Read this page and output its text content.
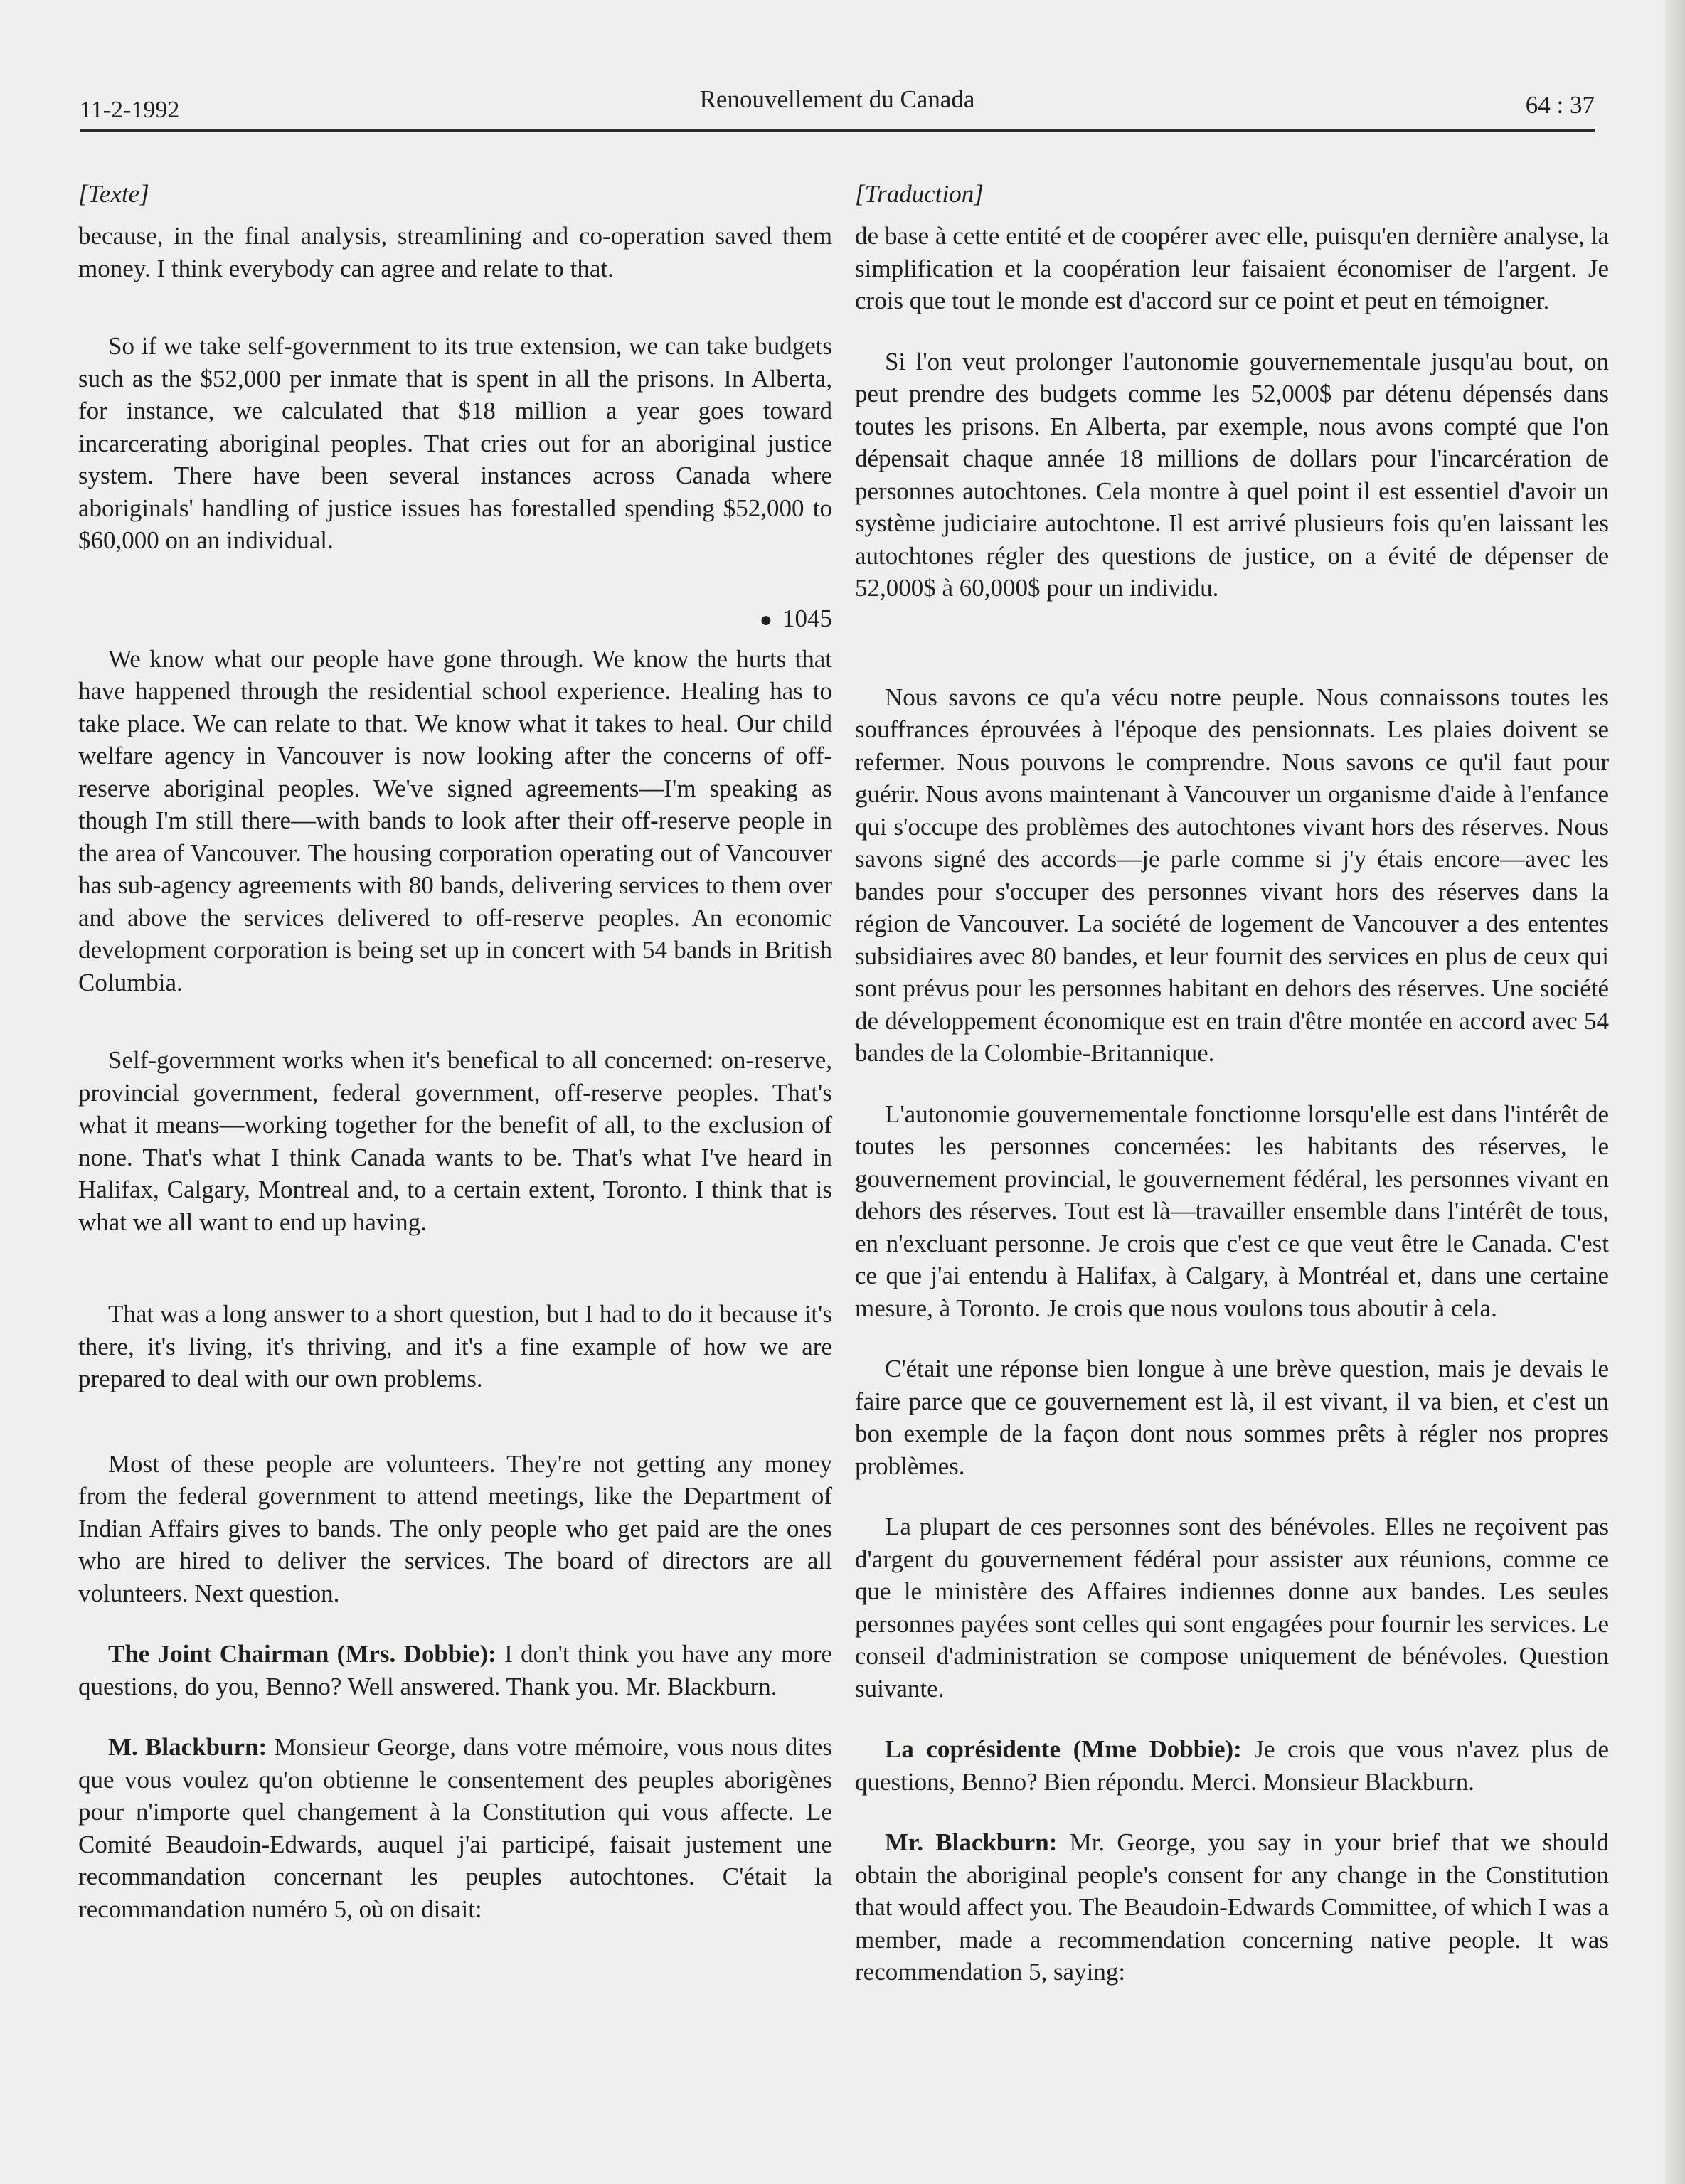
11-2-1992	Renouvellement du Canada	64 : 37
[Texte]

because, in the final analysis, streamlining and co-operation saved them money. I think everybody can agree and relate to that.

So if we take self-government to its true extension, we can take budgets such as the $52,000 per inmate that is spent in all the prisons. In Alberta, for instance, we calculated that $18 million a year goes toward incarcerating aboriginal peoples. That cries out for an aboriginal justice system. There have been several instances across Canada where aboriginals' handling of justice issues has forestalled spending $52,000 to $60,000 on an individual.

● 1045

We know what our people have gone through. We know the hurts that have happened through the residential school experience. Healing has to take place. We can relate to that. We know what it takes to heal. Our child welfare agency in Vancouver is now looking after the concerns of off-reserve aboriginal peoples. We've signed agreements—I'm speaking as though I'm still there—with bands to look after their off-reserve people in the area of Vancouver. The housing corporation operating out of Vancouver has sub-agency agreements with 80 bands, delivering services to them over and above the services delivered to off-reserve peoples. An economic development corporation is being set up in concert with 54 bands in British Columbia.

Self-government works when it's benefical to all concerned: on-reserve, provincial government, federal government, off-reserve peoples. That's what it means—working together for the benefit of all, to the exclusion of none. That's what I think Canada wants to be. That's what I've heard in Halifax, Calgary, Montreal and, to a certain extent, Toronto. I think that is what we all want to end up having.

That was a long answer to a short question, but I had to do it because it's there, it's living, it's thriving, and it's a fine example of how we are prepared to deal with our own problems.

Most of these people are volunteers. They're not getting any money from the federal government to attend meetings, like the Department of Indian Affairs gives to bands. The only people who get paid are the ones who are hired to deliver the services. The board of directors are all volunteers. Next question.

The Joint Chairman (Mrs. Dobbie): I don't think you have any more questions, do you, Benno? Well answered. Thank you. Mr. Blackburn.

M. Blackburn: Monsieur George, dans votre mémoire, vous nous dites que vous voulez qu'on obtienne le consentement des peuples aborigènes pour n'importe quel changement à la Constitution qui vous affecte. Le Comité Beaudoin-Edwards, auquel j'ai participé, faisait justement une recommandation concernant les peuples autochtones. C'était la recommandation numéro 5, où on disait:

[Traduction]

de base à cette entité et de coopérer avec elle, puisqu'en dernière analyse, la simplification et la coopération leur faisaient économiser de l'argent. Je crois que tout le monde est d'accord sur ce point et peut en témoigner.

Si l'on veut prolonger l'autonomie gouvernementale jusqu'au bout, on peut prendre des budgets comme les 52,000$ par détenu dépensés dans toutes les prisons. En Alberta, par exemple, nous avons compté que l'on dépensait chaque année 18 millions de dollars pour l'incarcération de personnes autochtones. Cela montre à quel point il est essentiel d'avoir un système judiciaire autochtone. Il est arrivé plusieurs fois qu'en laissant les autochtones régler des questions de justice, on a évité de dépenser de 52,000$ à 60,000$ pour un individu.

Nous savons ce qu'a vécu notre peuple. Nous connaissons toutes les souffrances éprouvées à l'époque des pensionnats. Les plaies doivent se refermer. Nous pouvons le comprendre. Nous savons ce qu'il faut pour guérir. Nous avons maintenant à Vancouver un organisme d'aide à l'enfance qui s'occupe des problèmes des autochtones vivant hors des réserves. Nous savons signé des accords—je parle comme si j'y étais encore—avec les bandes pour s'occuper des personnes vivant hors des réserves dans la région de Vancouver. La société de logement de Vancouver a des ententes subsidiaires avec 80 bandes, et leur fournit des services en plus de ceux qui sont prévus pour les personnes habitant en dehors des réserves. Une société de développement économique est en train d'être montée en accord avec 54 bandes de la Colombie-Britannique.

L'autonomie gouvernementale fonctionne lorsqu'elle est dans l'intérêt de toutes les personnes concernées: les habitants des réserves, le gouvernement provincial, le gouvernement fédéral, les personnes vivant en dehors des réserves. Tout est là—travailler ensemble dans l'intérêt de tous, en n'excluant personne. Je crois que c'est ce que veut être le Canada. C'est ce que j'ai entendu à Halifax, à Calgary, à Montréal et, dans une certaine mesure, à Toronto. Je crois que nous voulons tous aboutir à cela.

C'était une réponse bien longue à une brève question, mais je devais le faire parce que ce gouvernement est là, il est vivant, il va bien, et c'est un bon exemple de la façon dont nous sommes prêts à régler nos propres problèmes.

La plupart de ces personnes sont des bénévoles. Elles ne reçoivent pas d'argent du gouvernement fédéral pour assister aux réunions, comme ce que le ministère des Affaires indiennes donne aux bandes. Les seules personnes payées sont celles qui sont engagées pour fournir les services. Le conseil d'administration se compose uniquement de bénévoles. Question suivante.

La coprésidente (Mme Dobbie): Je crois que vous n'avez plus de questions, Benno? Bien répondu. Merci. Monsieur Blackburn.

Mr. Blackburn: Mr. George, you say in your brief that we should obtain the aboriginal people's consent for any change in the Constitution that would affect you. The Beaudoin-Edwards Committee, of which I was a member, made a recommendation concerning native people. It was recommendation 5, saying:
